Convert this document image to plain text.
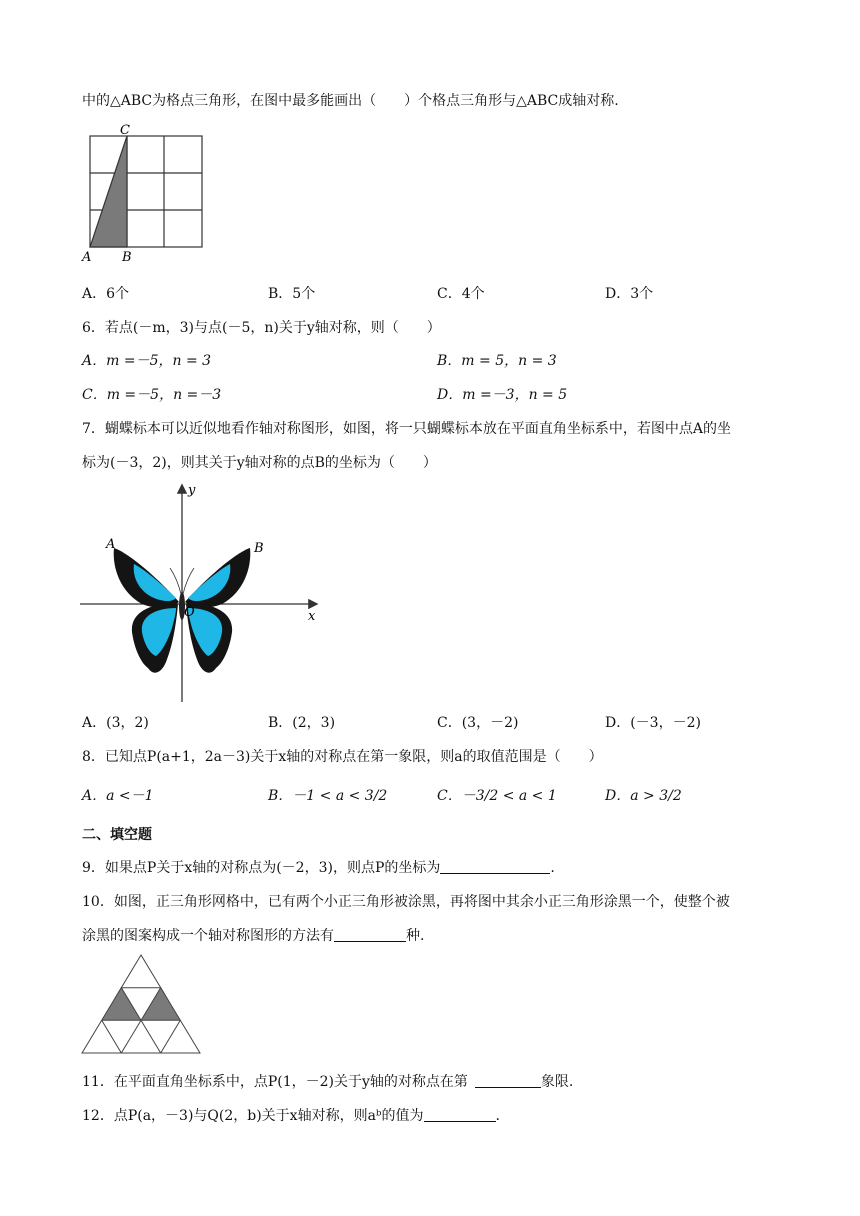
中的△ABC为格点三角形，在图中最多能画出（　　）个格点三角形与△ABC成轴对称.
C
A B
A．6个	B．5个	C．4个	D．3个
6．若点(－m，3)与点(－5，n)关于y轴对称，则（　　）
A．m =－5，n = 3	B．m = 5，n = 3
C．m =－5，n =－3	D．m =－3，n = 5
7．蝴蝶标本可以近似地看作轴对称图形，如图，将一只蝴蝶标本放在平面直角坐标系中，若图中点A的坐
标为(－3，2)，则其关于y轴对称的点B的坐标为（　　）
y
x
A	B
O
A．(3，2)	B．(2，3)	C．(3，－2)	D．(－3，－2)
8．已知点P(a+1，2a－3)关于x轴的对称点在第一象限，则a的取值范围是（　　）
A．a <－1	B．－1 < a < 3/2	C．－3/2 < a < 1	D．a > 3/2
二、填空题
9．如果点P关于x轴的对称点为(－2，3)，则点P的坐标为	.
10．如图，正三角形网格中，已有两个小正三角形被涂黑，再将图中其余小正三角形涂黑一个，使整个被
涂黑的图案构成一个轴对称图形的方法有	种.
11．在平面直角坐标系中，点P(1，－2)关于y轴的对称点在第 	象限.
12．点P(a，－3)与Q(2，b)关于x轴对称，则aᵇ的值为	.
